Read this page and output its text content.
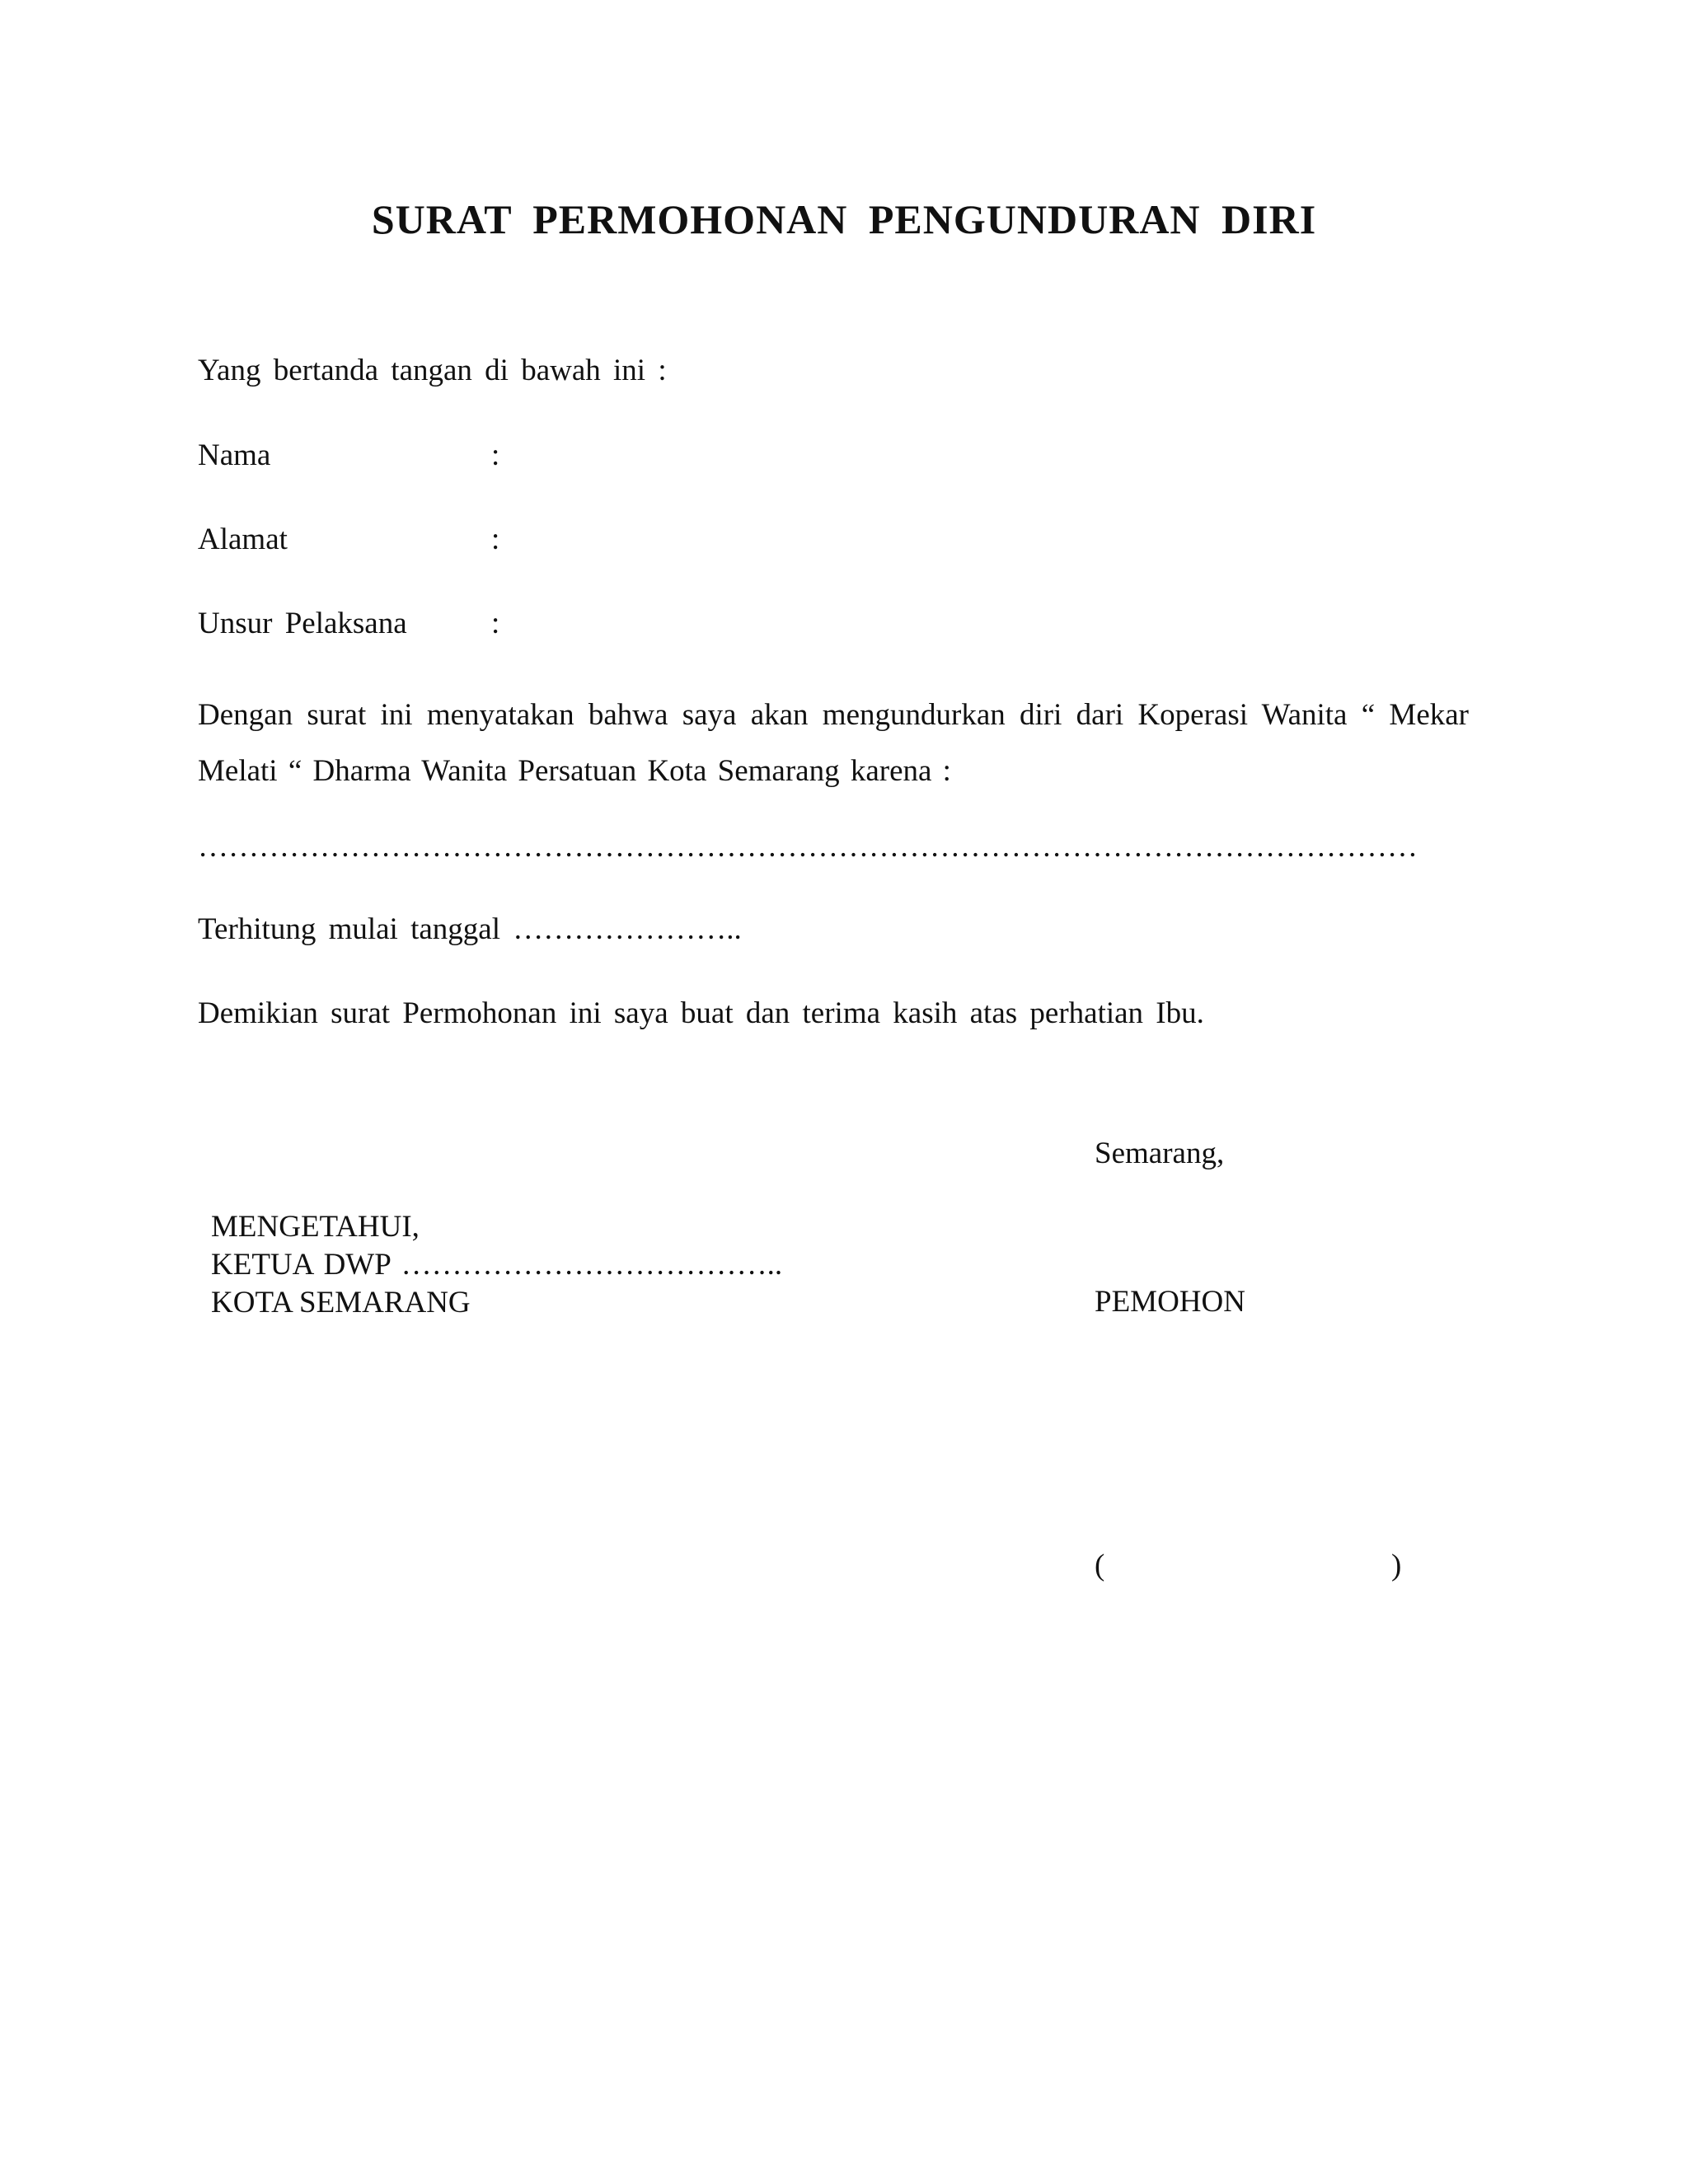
SURAT PERMOHONAN PENGUNDURAN DIRI
Yang bertanda tangan di bawah ini :
Nama	:
Alamat	:
Unsur Pelaksana	:
Dengan surat ini menyatakan bahwa saya akan mengundurkan diri dari Koperasi Wanita “ Mekar Melati “ Dharma Wanita Persatuan Kota Semarang karena :
…………………………………………………………………………………………………………
Terhitung mulai tanggal …………………..
Demikian surat Permohonan ini saya buat dan terima kasih atas perhatian Ibu.
Semarang,
MENGETAHUI,
KETUA DWP ………………………………..
KOTA SEMARANG	PEMOHON
(	)
